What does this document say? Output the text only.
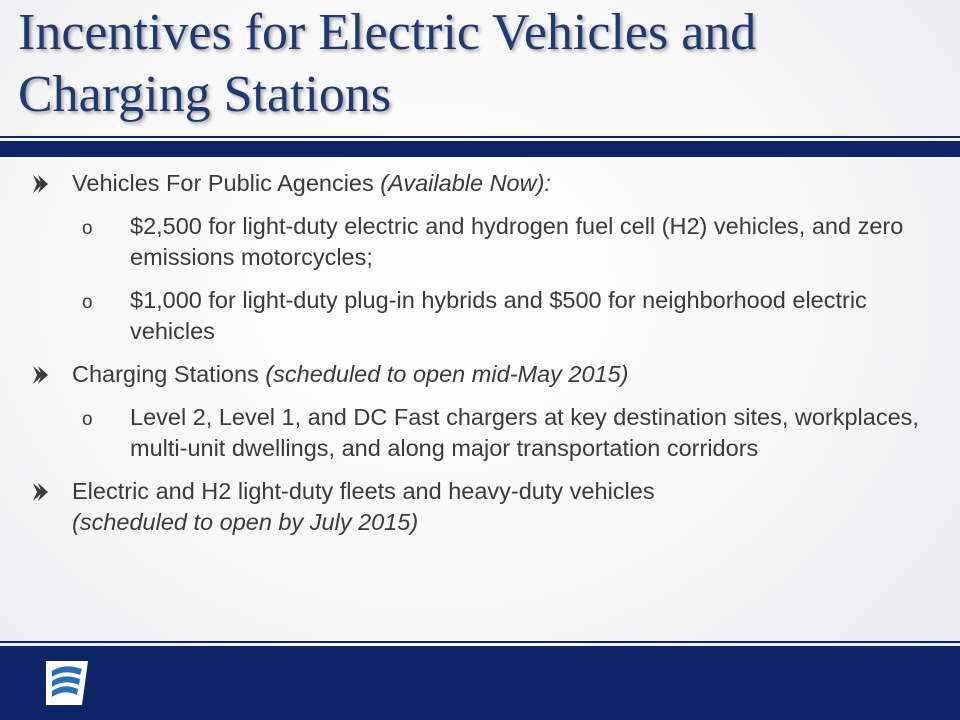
Incentives for Electric Vehicles and
Charging Stations
Vehicles For Public Agencies (Available Now):
o $2,500 for light-duty electric and hydrogen fuel cell (H2) vehicles, and zero emissions motorcycles;
o $1,000 for light-duty plug-in hybrids and $500 for neighborhood electric vehicles
Charging Stations (scheduled to open mid-May 2015)
o Level 2, Level 1, and DC Fast chargers at key destination sites, workplaces, multi-unit dwellings, and along major transportation corridors
Electric and H2 light-duty fleets and heavy-duty vehicles
(scheduled to open by July 2015)
